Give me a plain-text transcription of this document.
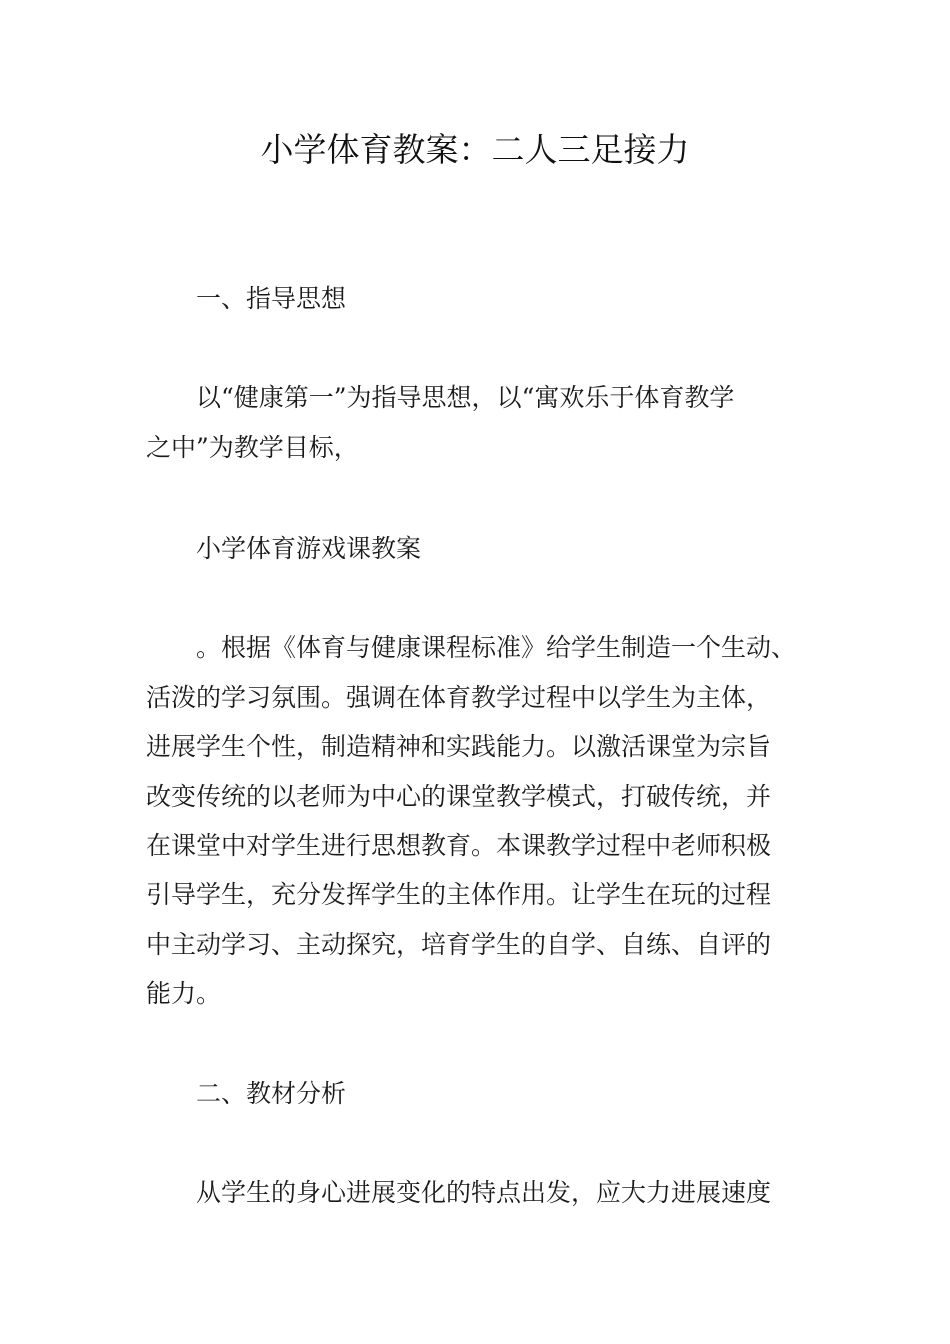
小学体育教案：二人三足接力

一、指导思想

以“健康第一”为指导思想，以“寓欢乐于体育教学

之中”为教学目标，

小学体育游戏课教案

。根据《体育与健康课程标准》给学生制造一个生动、

活泼的学习氛围。强调在体育教学过程中以学生为主体，

进展学生个性，制造精神和实践能力。以激活课堂为宗旨

改变传统的以老师为中心的课堂教学模式，打破传统，并

在课堂中对学生进行思想教育。本课教学过程中老师积极

引导学生，充分发挥学生的主体作用。让学生在玩的过程

中主动学习、主动探究，培育学生的自学、自练、自评的

能力。

二、教材分析

从学生的身心进展变化的特点出发，应大力进展速度
